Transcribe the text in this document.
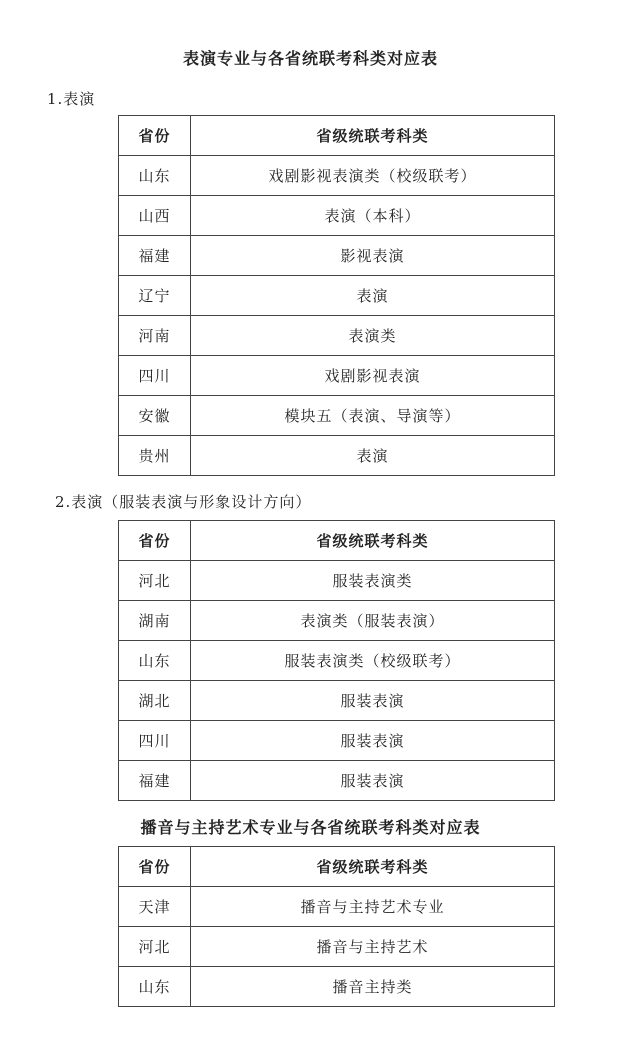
表演专业与各省统联考科类对应表
1.表演
省份	省级统联考科类
山东	戏剧影视表演类（校级联考）
山西	表演（本科）
福建	影视表演
辽宁	表演
河南	表演类
四川	戏剧影视表演
安徽	模块五（表演、导演等）
贵州	表演
2.表演（服装表演与形象设计方向）
省份	省级统联考科类
河北	服装表演类
湖南	表演类（服装表演）
山东	服装表演类（校级联考）
湖北	服装表演
四川	服装表演
福建	服装表演
播音与主持艺术专业与各省统联考科类对应表
省份	省级统联考科类
天津	播音与主持艺术专业
河北	播音与主持艺术
山东	播音主持类
